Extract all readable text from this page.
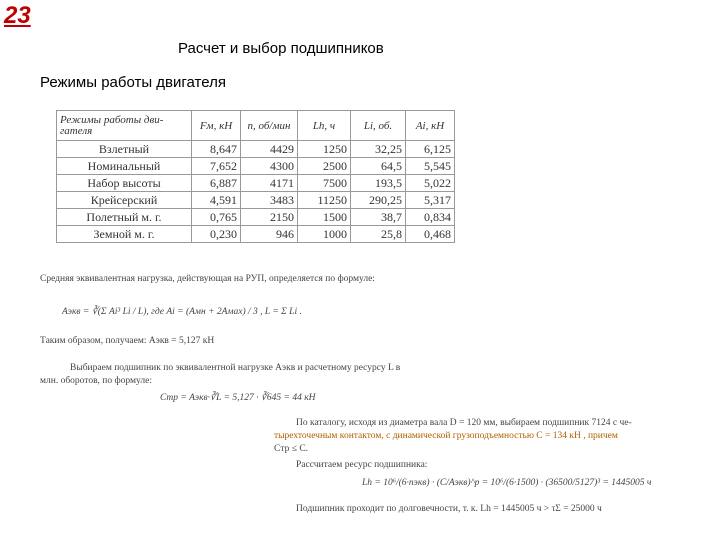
23
Расчет и выбор подшипников
Режимы работы двигателя
Режимы работы дви-гателя	Fм, кН	n, об/мин	Lh, ч	Li, об.	Ai, кН
Взлетный	8,647	4429	1250	32,25	6,125
Номинальный	7,652	4300	2500	64,5	5,545
Набор высоты	6,887	4171	7500	193,5	5,022
Крейсерский	4,591	3483	11250	290,25	5,317
Полетный м. г.	0,765	2150	1500	38,7	0,834
Земной м. г.	0,230	946	1000	25,8	0,468
Средняя эквивалентная нагрузка, действующая на РУП, определяется по формуле:
Aэкв = ∛(Σ Ai³ Li / L), где Ai = (Aмн + 2Aмах) / 3 , L = Σ Li .
Таким образом, получаем: Aэкв = 5,127 кН
Выбираем подшипник по эквивалентной нагрузке Aэкв и расчетному ресурсу L в
млн. оборотов, по формуле:
Cтр = Aэкв·∛L = 5,127 · ∛645 = 44 кН
По каталогу, исходя из диаметра вала D = 120 мм, выбираем подшипник 7124 с че-
тырехточечным контактом, с динамической грузоподъемностью C = 134 кН , причем
Cтр ≤ C.
Рассчитаем ресурс подшипника:
Lh = 10⁶/(6·nэкв) · (C/Aэкв)^p = 10⁶/(6·1500) · (36500/5127)³ = 1445005 ч
Подшипник проходит по долговечности, т. к. Lh = 1445005 ч > τΣ = 25000 ч
